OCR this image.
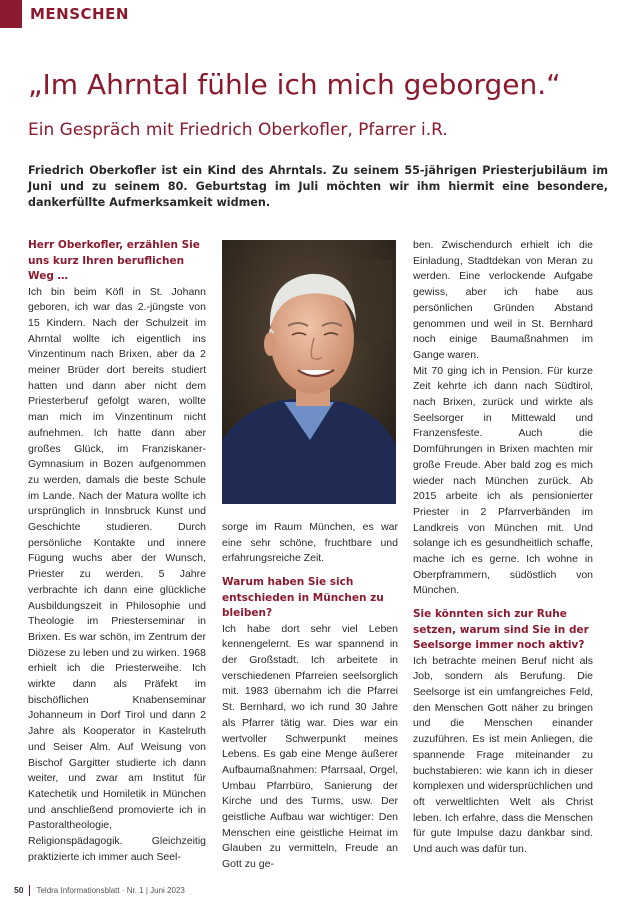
MENSCHEN
„Im Ahrntal fühle ich mich geborgen.“
Ein Gespräch mit Friedrich Oberkofler, Pfarrer i.R.

Friedrich Oberkofler ist ein Kind des Ahrntals. Zu seinem 55-jährigen Priesterjubiläum im Juni und zu seinem 80. Geburtstag im Juli möchten wir ihm hiermit eine besondere, dankerfüllte Aufmerksamkeit widmen.

Herr Oberkofler, erzählen Sie uns kurz Ihren beruflichen Weg …

Ich bin beim Köfl in St. Johann geboren, ich war das 2.-jüngste von 15 Kindern. Nach der Schulzeit im Ahrntal wollte ich eigentlich ins Vinzentinum nach Brixen, aber da 2 meiner Brüder dort bereits studiert hatten und dann aber nicht dem Priesterberuf gefolgt waren, wollte man mich im Vinzentinum nicht aufnehmen. Ich hatte dann aber großes Glück, im Franziskaner-Gymnasium in Bozen aufgenommen zu werden, damals die beste Schule im Lande. Nach der Matura wollte ich ursprünglich in Innsbruck Kunst und Geschichte studieren. Durch persönliche Kontakte und innere Fügung wuchs aber der Wunsch, Priester zu werden. 5 Jahre verbrachte ich dann eine glückliche Ausbildungszeit in Philosophie und Theologie im Priesterseminar in Brixen. Es war schön, im Zentrum der Diözese zu leben und zu wirken. 1968 erhielt ich die Priesterweihe. Ich wirkte dann als Präfekt im bischöflichen Knabenseminar Johanneum in Dorf Tirol und dann 2 Jahre als Kooperator in Kastelruth und Seiser Alm. Auf Weisung von Bischof Gargitter studierte ich dann weiter, und zwar am Institut für Katechetik und Homiletik in München und anschließend promovierte ich in Pastoraltheologie, Religionspädagogik. Gleichzeitig praktizierte ich immer auch Seel-

sorge im Raum München, es war eine sehr schöne, fruchtbare und erfahrungsreiche Zeit.

Warum haben Sie sich entschieden in München zu bleiben?

Ich habe dort sehr viel Leben kennengelernt. Es war spannend in der Großstadt. Ich arbeitete in verschiedenen Pfarreien seelsorglich mit. 1983 übernahm ich die Pfarrei St. Bernhard, wo ich rund 30 Jahre als Pfarrer tätig war. Dies war ein wertvoller Schwerpunkt meines Lebens. Es gab eine Menge äußerer Aufbaumaßnahmen: Pfarrsaal, Orgel, Umbau Pfarrbüro, Sanierung der Kirche und des Turms, usw. Der geistliche Aufbau war wichtiger: Den Menschen eine geistliche Heimat im Glauben zu vermitteln, Freude an Gott zu ge-

ben. Zwischendurch erhielt ich die Einladung, Stadtdekan von Meran zu werden. Eine verlockende Aufgabe gewiss, aber ich habe aus persönlichen Gründen Abstand genommen und weil in St. Bernhard noch einige Baumaßnahmen im Gange waren.

Mit 70 ging ich in Pension. Für kurze Zeit kehrte ich dann nach Südtirol, nach Brixen, zurück und wirkte als Seelsorger in Mittewald und Franzensfeste. Auch die Domführungen in Brixen machten mir große Freude. Aber bald zog es mich wieder nach München zurück. Ab 2015 arbeite ich als pensionierter Priester in 2 Pfarrverbänden im Landkreis von München mit. Und solange ich es gesundheitlich schaffe, mache ich es gerne. Ich wohne in Oberpframmern, südöstlich von München.

Sie könnten sich zur Ruhe setzen, warum sind Sie in der Seelsorge immer noch aktiv?

Ich betrachte meinen Beruf nicht als Job, sondern als Berufung. Die Seelsorge ist ein umfangreiches Feld, den Menschen Gott näher zu bringen und die Menschen einander zuzuführen. Es ist mein Anliegen, die spannende Frage miteinander zu buchstabieren: wie kann ich in dieser komplexen und widersprüchlichen und oft verweltlichten Welt als Christ leben. Ich erfahre, dass die Menschen für gute Impulse dazu dankbar sind. Und auch was dafür tun.

50 Teldra Informationsblatt · Nr. 1 | Juni 2023
